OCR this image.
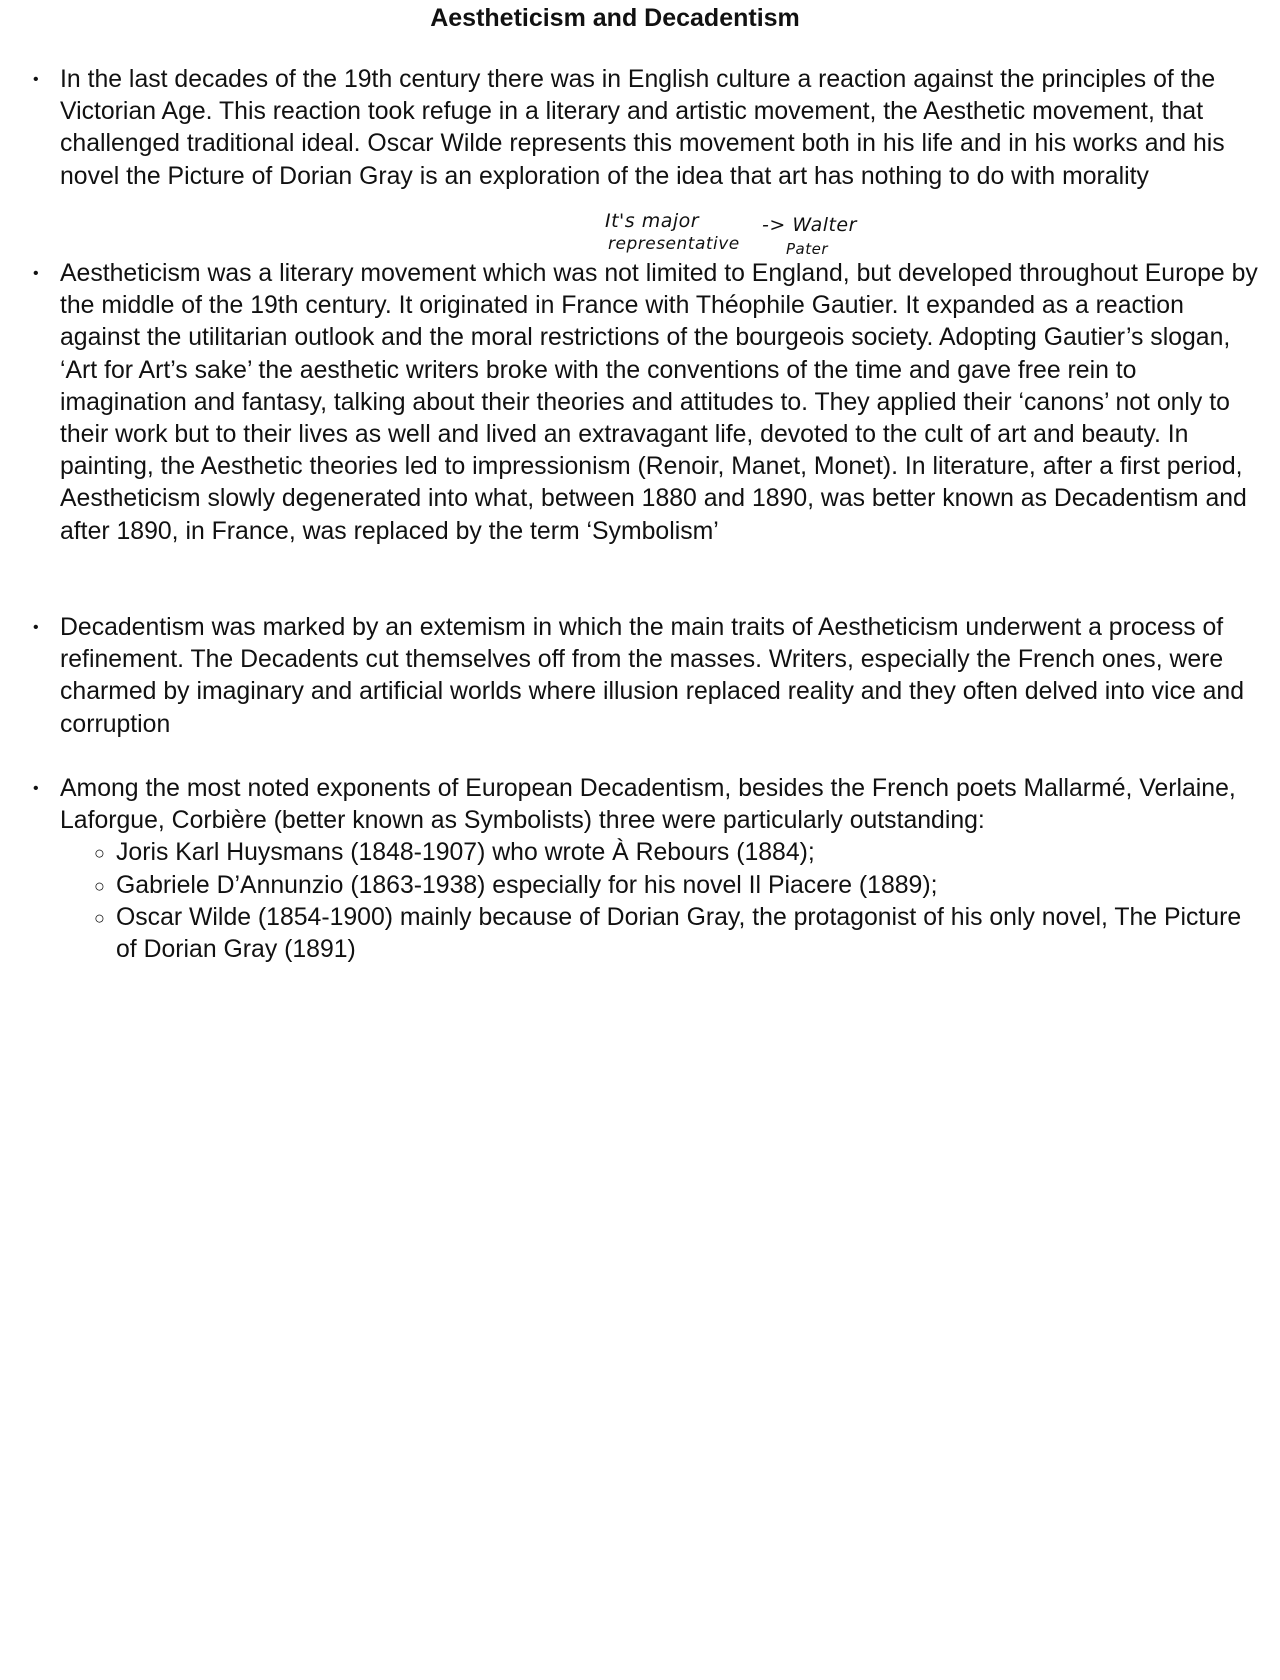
Aestheticism and Decadentism
• In the last decades of the 19th century there was in English culture a reaction against the principles of the Victorian Age. This reaction took refuge in a literary and artistic movement, the Aesthetic movement, that challenged traditional ideal. Oscar Wilde represents this movement both in his life and in his works and his novel the Picture of Dorian Gray is an exploration of the idea that art has nothing to do with morality

It's major
representative
-> Walter
Pater
• Aestheticism was a literary movement which was not limited to England, but developed throughout Europe by the middle of the 19th century. It originated in France with Théophile Gautier. It expanded as a reaction against the utilitarian outlook and the moral restrictions of the bourgeois society. Adopting Gautier’s slogan, ‘Art for Art’s sake’ the aesthetic writers broke with the conventions of the time and gave free rein to imagination and fantasy, talking about their theories and attitudes to. They applied their ‘canons’ not only to their work but to their lives as well and lived an extravagant life, devoted to the cult of art and beauty. In painting, the Aesthetic theories led to impressionism (Renoir, Manet, Monet). In literature, after a first period, Aestheticism slowly degenerated into what, between 1880 and 1890, was better known as Decadentism and after 1890, in France, was replaced by the term ‘Symbolism’

• Decadentism was marked by an extemism in which the main traits of Aestheticism underwent a process of refinement. The Decadents cut themselves off from the masses. Writers, especially the French ones, were charmed by imaginary and artificial worlds where illusion replaced reality and they often delved into vice and corruption

• Among the most noted exponents of European Decadentism, besides the French poets Mallarmé, Verlaine, Laforgue, Corbière (better known as Symbolists) three were particularly outstanding:

○ Joris Karl Huysmans (1848-1907) who wrote À Rebours (1884);
○ Gabriele D’Annunzio (1863-1938) especially for his novel Il Piacere (1889);
○ Oscar Wilde (1854-1900) mainly because of Dorian Gray, the protagonist of his only novel, The Picture of Dorian Gray (1891)
